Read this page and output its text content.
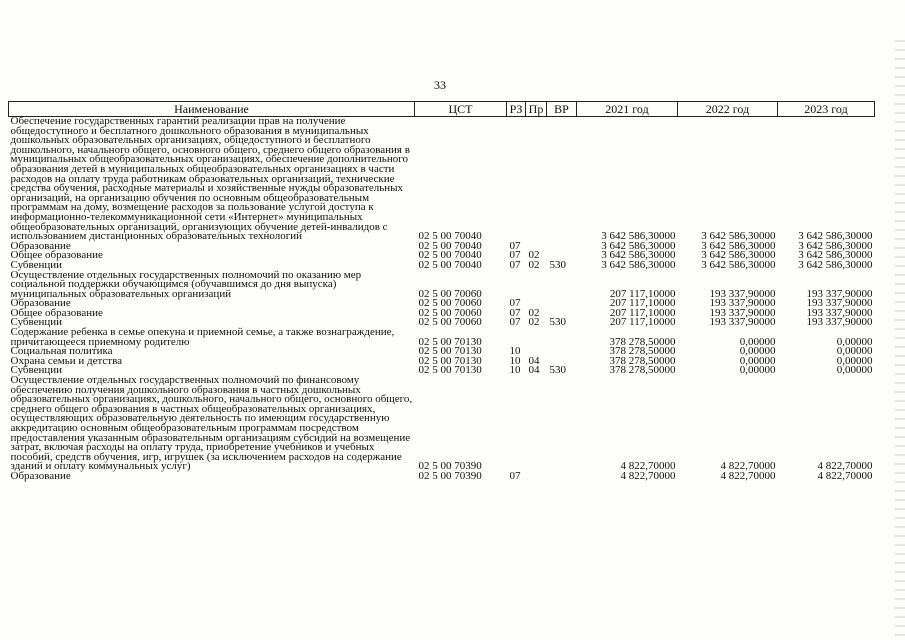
33
Наименование	ЦСТ	РЗ	Пр	ВР	2021 год	2022 год	2023 год
Обеспечение государственных гарантий реализации прав на получение общедоступного и бесплатного дошкольного образования в муниципальных дошкольных образовательных организациях, общедоступного и бесплатного дошкольного, начального общего, основного общего, среднего общего образования в муниципальных общеобразовательных организациях, обеспечение дополнительного образования детей в муниципальных общеобразовательных организациях в части расходов на оплату труда работникам образовательных организаций, технические средства обучения, расходные материалы и хозяйственные нужды образовательных организаций, на организацию обучения по основным общеобразовательным программам на дому, возмещение расходов за пользование услугой доступа к информационно-телекоммуникационной сети «Интернет» муниципальных общеобразовательных организаций, организующих обучение детей-инвалидов с использованием дистанционных образовательных технологий	02 5 00 70040				3 642 586,30000	3 642 586,30000	3 642 586,30000
Образование	02 5 00 70040	07			3 642 586,30000	3 642 586,30000	3 642 586,30000
Общее образование	02 5 00 70040	07	02		3 642 586,30000	3 642 586,30000	3 642 586,30000
Субвенции	02 5 00 70040	07	02	530	3 642 586,30000	3 642 586,30000	3 642 586,30000
Осуществление отдельных государственных полномочий по оказанию мер социальной поддержки обучающимся (обучавшимся до дня выпуска) муниципальных образовательных организаций	02 5 00 70060				207 117,10000	193 337,90000	193 337,90000
Образование	02 5 00 70060	07			207 117,10000	193 337,90000	193 337,90000
Общее образование	02 5 00 70060	07	02		207 117,10000	193 337,90000	193 337,90000
Субвенции	02 5 00 70060	07	02	530	207 117,10000	193 337,90000	193 337,90000
Содержание ребенка в семье опекуна и приемной семье, а также вознаграждение, причитающееся приемному родителю	02 5 00 70130				378 278,50000	0,00000	0,00000
Социальная политика	02 5 00 70130	10			378 278,50000	0,00000	0,00000
Охрана семьи и детства	02 5 00 70130	10	04		378 278,50000	0,00000	0,00000
Субвенции	02 5 00 70130	10	04	530	378 278,50000	0,00000	0,00000
Осуществление отдельных государственных полномочий по финансовому обеспечению получения дошкольного образования в частных дошкольных образовательных организациях, дошкольного, начального общего, основного общего, среднего общего образования в частных общеобразовательных организациях, осуществляющих образовательную деятельность по имеющим государственную аккредитацию основным общеобразовательным программам посредством предоставления указанным образовательным организациям субсидий на возмещение затрат, включая расходы на оплату труда, приобретение учебников и учебных пособий, средств обучения, игр, игрушек (за исключением расходов на содержание зданий и оплату коммунальных услуг)	02 5 00 70390				4 822,70000	4 822,70000	4 822,70000
Образование	02 5 00 70390	07			4 822,70000	4 822,70000	4 822,70000
